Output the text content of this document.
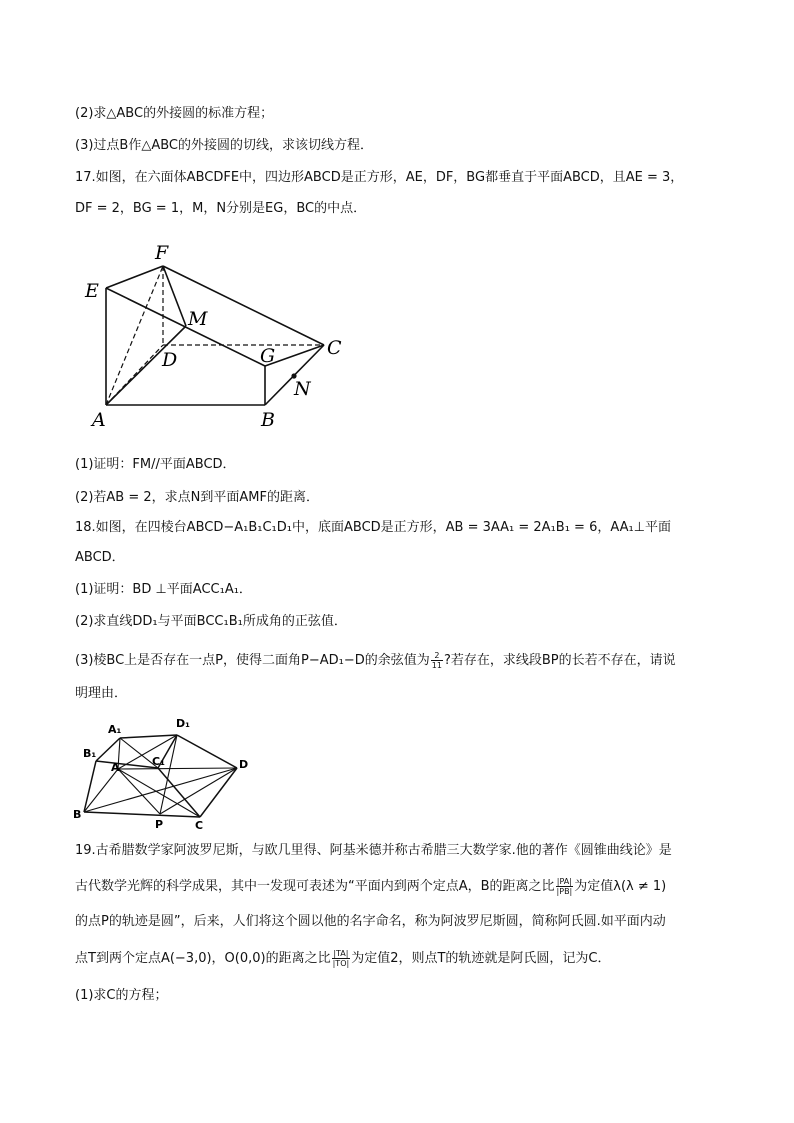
(2)求△ABC的外接圆的标准方程；
(3)过点B作△ABC的外接圆的切线，求该切线方程．
17.如图，在六面体ABCDFE中，四边形ABCD是正方形，AE，DF，BG都垂直于平面ABCD，且AE = 3，
DF = 2，BG = 1，M，N分别是EG，BC的中点．
F
E
M
D	G	C
N
A	B
(1)证明：FM//平面ABCD．
(2)若AB = 2，求点N到平面AMF的距离．
18.如图，在四棱台ABCD−A₁B₁C₁D₁中，底面ABCD是正方形，AB = 3AA₁ = 2A₁B₁ = 6，AA₁⊥平面
ABCD．
(1)证明：BD ⊥平面ACC₁A₁．
(2)求直线DD₁与平面BCC₁B₁所成角的正弦值．
(3)棱BC上是否存在一点P，使得二面角P−AD₁−D的余弦值为 $\frac{2}{11}$ ?若存在，求线段BP的长若不存在，请说
明理由．
A₁	D₁
B₁
A	C₁	D
B
P	C
19.古希腊数学家阿波罗尼斯，与欧几里得、阿基米德并称古希腊三大数学家.他的著作《圆锥曲线论》是
古代数学光辉的科学成果，其中一发现可表述为“平面内到两个定点A，B的距离之比 $\frac{|PA|}{|PB|}$ 为定值λ(λ ≠ 1)
的点P的轨迹是圆”，后来，人们将这个圆以他的名字命名，称为阿波罗尼斯圆，简称阿氏圆.如平面内动
点T到两个定点A(−3,0)，O(0,0)的距离之比 $\frac{|TA|}{|TO|}$ 为定值2，则点T的轨迹就是阿氏圆，记为C．
(1)求C的方程；
